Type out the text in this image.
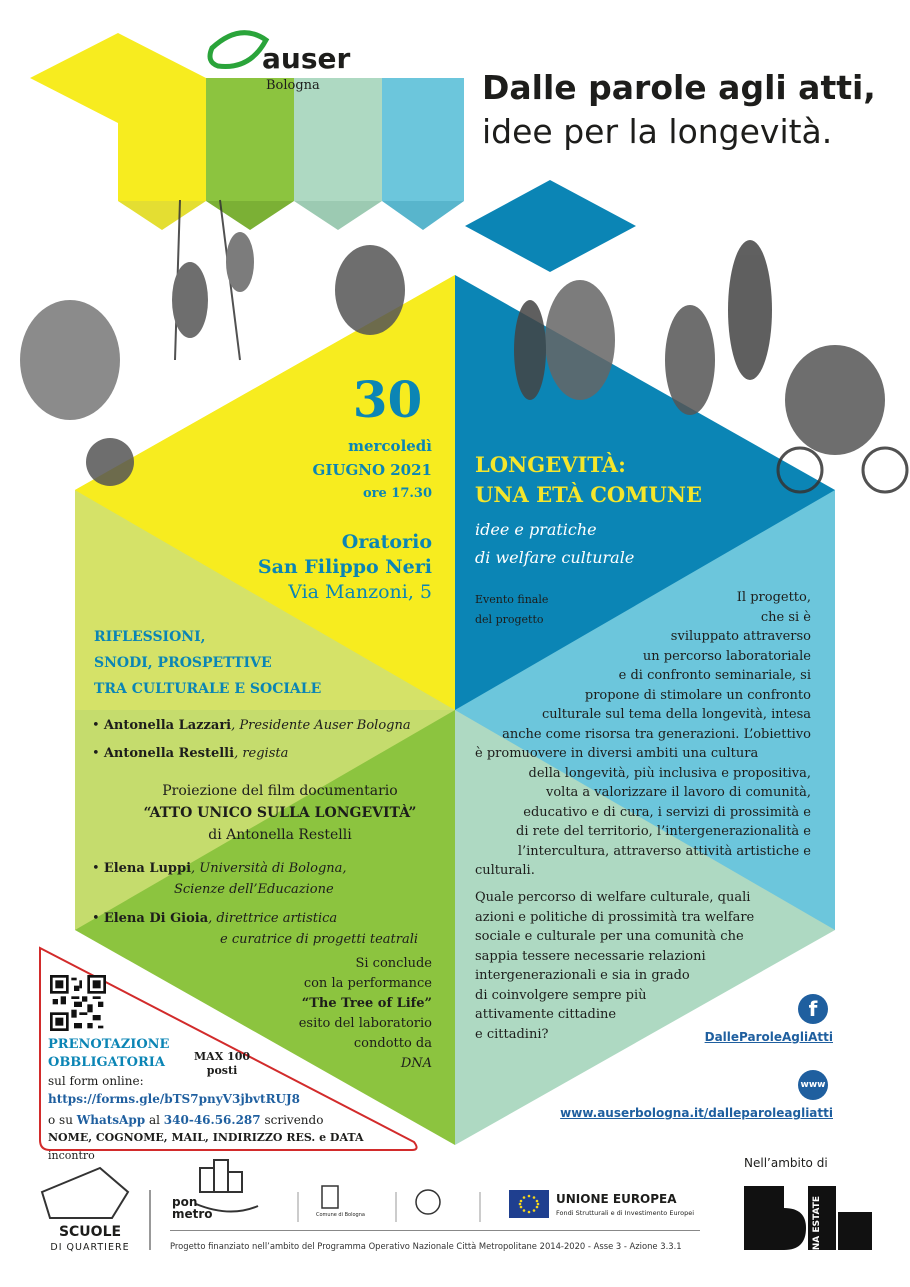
auser
Bologna	Dalle parole agli atti,
idee per la longevità.
30
mercoledì
GIUGNO 2021
ore 17.30
Oratorio
San Filippo Neri
Via Manzoni, 5
RIFLESSIONI,
SNODI, PROSPETTIVE
TRA CULTURALE E SOCIALE
• Antonella Lazzari, Presidente Auser Bologna
• Antonella Restelli, regista
Proiezione del film documentario
“ATTO UNICO SULLA LONGEVITÀ”
di Antonella Restelli
• Elena Luppi, Università di Bologna,
Scienze dell’Educazione
• Elena Di Gioia, direttrice artistica
e curatrice di progetti teatrali
Si conclude
con la performance
“The Tree of Life”
esito del laboratorio
condotto da
DNA
LONGEVITÀ:
UNA ETÀ COMUNE
idee e pratiche
di welfare culturale
Evento finale
del progetto
Il progetto,
che si è
sviluppato attraverso
un percorso laboratoriale
e di confronto seminariale, si
propone di stimolare un confronto
culturale sul tema della longevità, intesa
anche come risorsa tra generazioni. L’obiettivo
è promuovere in diversi ambiti una cultura
della longevità, più inclusiva e propositiva,
volta a valorizzare il lavoro di comunità,
educativo e di cura, i servizi di prossimità e
di rete del territorio, l’intergenerazionalità e
l’intercultura, attraverso attività artistiche e
culturali.
Quale percorso di welfare culturale, quali
azioni e politiche di prossimità tra welfare
sociale e culturale per una comunità che
sappia tessere necessarie relazioni
intergenerazionali e sia in grado
di coinvolgere sempre più
attivamente cittadine
e cittadini?
f
DalleParoleAgliAtti
www
www.auserbologna.it/dalleparoleagliatti
PRENOTAZIONE
OBBLIGATORIA	MAX 100
posti
sul form online:
https://forms.gle/bTS7pnyV3jbvtRUJ8
o su WhatsApp al 340-46.56.287 scrivendo
NOME, COGNOME, MAIL, INDIRIZZO RES. e DATA incontro
SCUOLE
DI QUARTIERE
pon
metro	Comune di Bologna
UNIONE EUROPEA
Fondi Strutturali e di Investimento Europei
Nell’ambito di
BOLOGNA ESTATE
Progetto finanziato nell’ambito del Programma Operativo Nazionale Città Metropolitane 2014-2020 - Asse 3 - Azione 3.3.1
